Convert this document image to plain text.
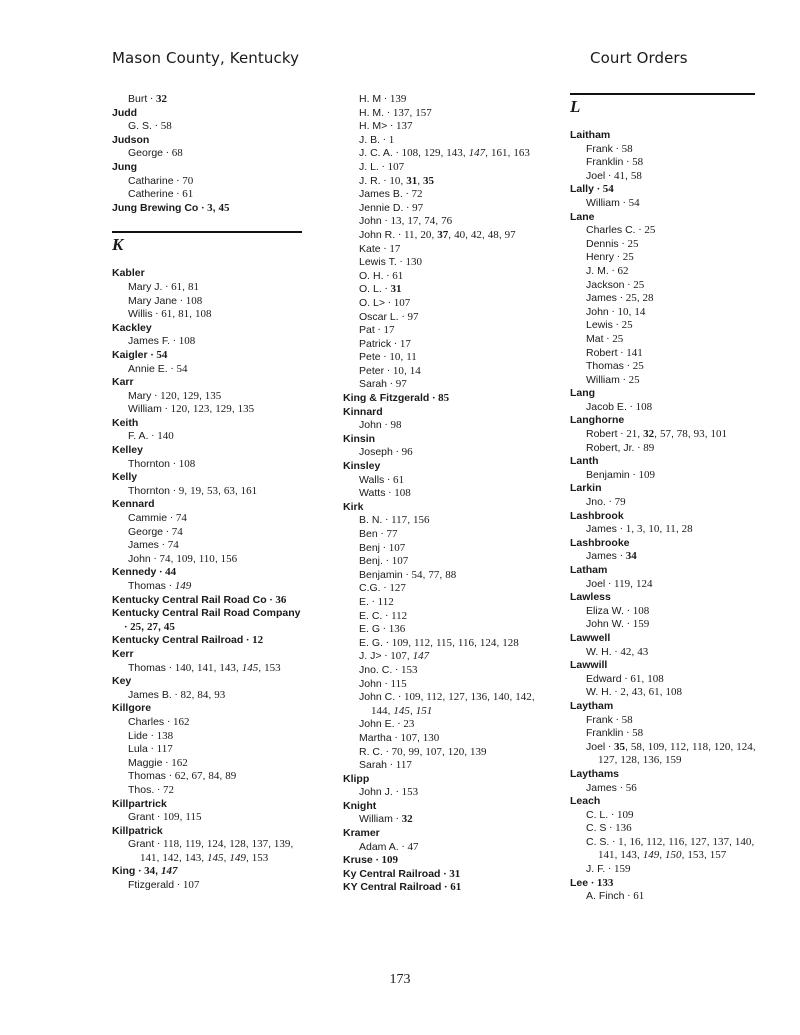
Mason County, Kentucky	Court Orders
Burt · 32
Judd
G. S. · 58
Judson
George · 68
Jung
Catharine · 70
Catherine · 61
Jung Brewing Co · 3, 45
K
Kabler
Mary J. · 61, 81
Mary Jane · 108
Willis · 61, 81, 108
Kackley
James F. · 108
Kaigler · 54
Annie E. · 54
Karr
Mary · 120, 129, 135
William · 120, 123, 129, 135
Keith
F. A. · 140
Kelley
Thornton · 108
Kelly
Thornton · 9, 19, 53, 63, 161
Kennard
Cammie · 74
George · 74
James · 74
John · 74, 109, 110, 156
Kennedy · 44
Thomas · 149
Kentucky Central Rail Road Co · 36
Kentucky Central Rail Road Company · 25, 27, 45
Kentucky Central Railroad · 12
Kerr
Thomas · 140, 141, 143, 145, 153
Key
James B. · 82, 84, 93
Killgore
Charles · 162
Lide · 138
Lula · 117
Maggie · 162
Thomas · 62, 67, 84, 89
Thos. · 72
Killpartrick
Grant · 109, 115
Killpatrick
Grant · 118, 119, 124, 128, 137, 139, 141, 142, 143, 145, 149, 153
King · 34, 147
Ftizgerald · 107
H. M · 139
H. M. · 137, 157
H. M> · 137
J. B. · 1
J. C. A. · 108, 129, 143, 147, 161, 163
J. L. · 107
J. R. · 10, 31, 35
James B. · 72
Jennie D. · 97
John · 13, 17, 74, 76
John R. · 11, 20, 37, 40, 42, 48, 97
Kate · 17
Lewis T. · 130
O. H. · 61
O. L. · 31
O. L> · 107
Oscar L. · 97
Pat · 17
Patrick · 17
Pete · 10, 11
Peter · 10, 14
Sarah · 97
King & Fitzgerald · 85
Kinnard
John · 98
Kinsin
Joseph · 96
Kinsley
Walls · 61
Watts · 108
Kirk
B. N. · 117, 156
Ben · 77
Benj · 107
Benj. · 107
Benjamin · 54, 77, 88
C.G. · 127
E. · 112
E. C. · 112
E. G · 136
E. G. · 109, 112, 115, 116, 124, 128
J. J> · 107, 147
Jno. C. · 153
John · 115
John C. · 109, 112, 127, 136, 140, 142, 144, 145, 151
John E. · 23
Martha · 107, 130
R. C. · 70, 99, 107, 120, 139
Sarah · 117
Klipp
John J. · 153
Knight
William · 32
Kramer
Adam A. · 47
Kruse · 109
Ky Central Railroad · 31
KY Central Railroad · 61
L
Laitham
Frank · 58
Franklin · 58
Joel · 41, 58
Lally · 54
William · 54
Lane
Charles C. · 25
Dennis · 25
Henry · 25
J. M. · 62
Jackson · 25
James · 25, 28
John · 10, 14
Lewis · 25
Mat · 25
Robert · 141
Thomas · 25
William · 25
Lang
Jacob E. · 108
Langhorne
Robert · 21, 32, 57, 78, 93, 101
Robert, Jr. · 89
Lanth
Benjamin · 109
Larkin
Jno. · 79
Lashbrook
James · 1, 3, 10, 11, 28
Lashbrooke
James · 34
Latham
Joel · 119, 124
Lawless
Eliza W. · 108
John W. · 159
Lawwell
W. H. · 42, 43
Lawwill
Edward · 61, 108
W. H. · 2, 43, 61, 108
Laytham
Frank · 58
Franklin · 58
Joel · 35, 58, 109, 112, 118, 120, 124, 127, 128, 136, 159
Laythams
James · 56
Leach
C. L. · 109
C. S · 136
C. S. · 1, 16, 112, 116, 127, 137, 140, 141, 143, 149, 150, 153, 157
J. F. · 159
Lee · 133
A. Finch · 61
173
